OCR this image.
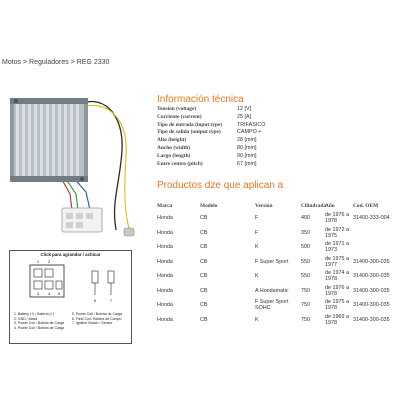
Motos > Reguladores > REG 2330
Información técnica
Tension (voltage)	12 [V]
Corriente (current)	25 [A]
Tipo de entrada (input type)	TRIFASICO
Tipo de salida (output type)	CAMPO +
Alto (height)	28 [mm]
Ancho (width)	80 [mm]
Largo (length)	90 [mm]
Entre centro (pitch)	67 [mm]
Productos dze que aplican a
Marca	Modelo	Versión	Cilindrada	Año	Cod. OEM
Honda	CB	F	400	de 1976 a 1978	31400-333-004
Honda	CB	F	350	de 1972 a 1975	
Honda	CB	K	500	de 1971 a 1973	
Honda	CB	F Super Sport	550	de 1975 a 1977	31400-300-035
Honda	CB	K	550	de 1974 a 1978	31400-300-035
Honda	CB	A Hondamatic	750	de 1976 a 1978	31400-300-035
Honda	CB	F Super Sport SOHC	750	de 1975 a 1978	31400-300-035
Honda	CB	K	750	de 1969 a 1978	31400-300-035
Click para agrandar / achicar
1	2
3	4 5
6	7
1. Battery (+) / Batería (+)	5. Power Coil / Bobina de Carga
2. GND / Masa	6. Field Coil / Bobina de Campo
3. Power Coil / Bobina de Carga	7. Ignition Switch / Sensor
4. Power Coil / Bobina de Carga
